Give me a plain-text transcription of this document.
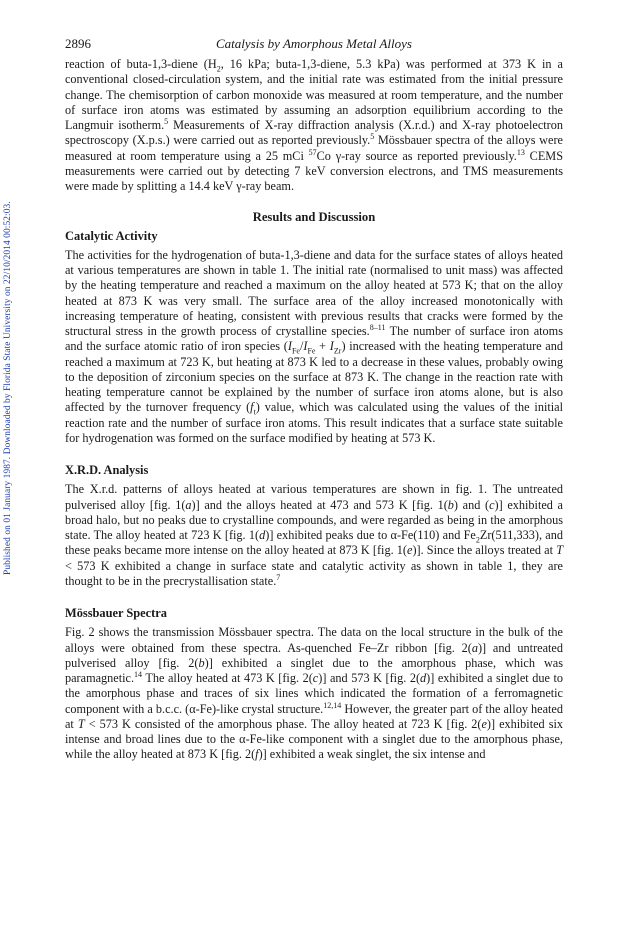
Published on 01 January 1987. Downloaded by Florida State University on 22/10/2014 00:52:03.
2896	Catalysis by Amorphous Metal Alloys

reaction of buta-1,3-diene ($H_2$, 16 kPa; buta-1,3-diene, 5.3 kPa) was performed at 373 K in a conventional closed-circulation system, and the initial rate was estimated from the initial pressure change. The chemisorption of carbon monoxide was measured at room temperature, and the number of surface iron atoms was estimated by assuming an adsorption equilibrium according to the Langmuir isotherm.$^5$ Measurements of X-ray diffraction analysis (X.r.d.) and X-ray photoelectron spectroscopy (X.p.s.) were carried out as reported previously.$^5$ Mössbauer spectra of the alloys were measured at room temperature using a 25 mCi $^{57}$Co γ-ray source as reported previously.$^{13}$ CEMS measurements were carried out by detecting 7 keV conversion electrons, and TMS measurements were made by splitting a 14.4 keV γ-ray beam.

Results and Discussion
Catalytic Activity

The activities for the hydrogenation of buta-1,3-diene and data for the surface states of alloys heated at various temperatures are shown in table 1. The initial rate (normalised to unit mass) was affected by the heating temperature and reached a maximum on the alloy heated at 573 K; that on the alloy heated at 873 K was very small. The surface area of the alloy increased monotonically with increasing temperature of heating, consistent with previous results that cracks were formed by the structural stress in the growth process of crystalline species.$^{8-11}$ The number of surface iron atoms and the surface atomic ratio of iron species $(I_{Fe}/I_{Fe} + I_{Zr})$ increased with the heating temperature and reached a maximum at 723 K, but heating at 873 K led to a decrease in these values, probably owing to the deposition of zirconium species on the surface at 873 K. The change in the reaction rate with heating temperature cannot be explained by the number of surface iron atoms alone, but is also affected by the turnover frequency $(f_t)$ value, which was calculated using the values of the initial reaction rate and the number of surface iron atoms. This result indicates that a surface state suitable for hydrogenation was formed on the surface modified by heating at 573 K.

X.R.D. Analysis

The X.r.d. patterns of alloys heated at various temperatures are shown in fig. 1. The untreated pulverised alloy [fig. 1(a)] and the alloys heated at 473 and 573 K [fig. 1(b) and (c)] exhibited a broad halo, but no peaks due to crystalline compounds, and were regarded as being in the amorphous state. The alloy heated at 723 K [fig. 1(d)] exhibited peaks due to α-Fe(110) and $Fe_2Zr(511,333)$, and these peaks became more intense on the alloy heated at 873 K [fig. 1(e)]. Since the alloys treated at T < 573 K exhibited a change in surface state and catalytic activity as shown in table 1, they are thought to be in the precrystallisation state.$^7$

Mössbauer Spectra

Fig. 2 shows the transmission Mössbauer spectra. The data on the local structure in the bulk of the alloys were obtained from these spectra. As-quenched Fe–Zr ribbon [fig. 2(a)] and untreated pulverised alloy [fig. 2(b)] exhibited a singlet due to the amorphous phase, which was paramagnetic.$^{14}$ The alloy heated at 473 K [fig. 2(c)] and 573 K [fig. 2(d)] exhibited a singlet due to the amorphous phase and traces of six lines which indicated the formation of a ferromagnetic component with a b.c.c. (α-Fe)-like crystal structure.$^{12,14}$ However, the greater part of the alloy heated at T < 573 K consisted of the amorphous phase. The alloy heated at 723 K [fig. 2(e)] exhibited six intense and broad lines due to the α-Fe-like component with a singlet due to the amorphous phase, while the alloy heated at 873 K [fig. 2(f)] exhibited a weak singlet, the six intense and
